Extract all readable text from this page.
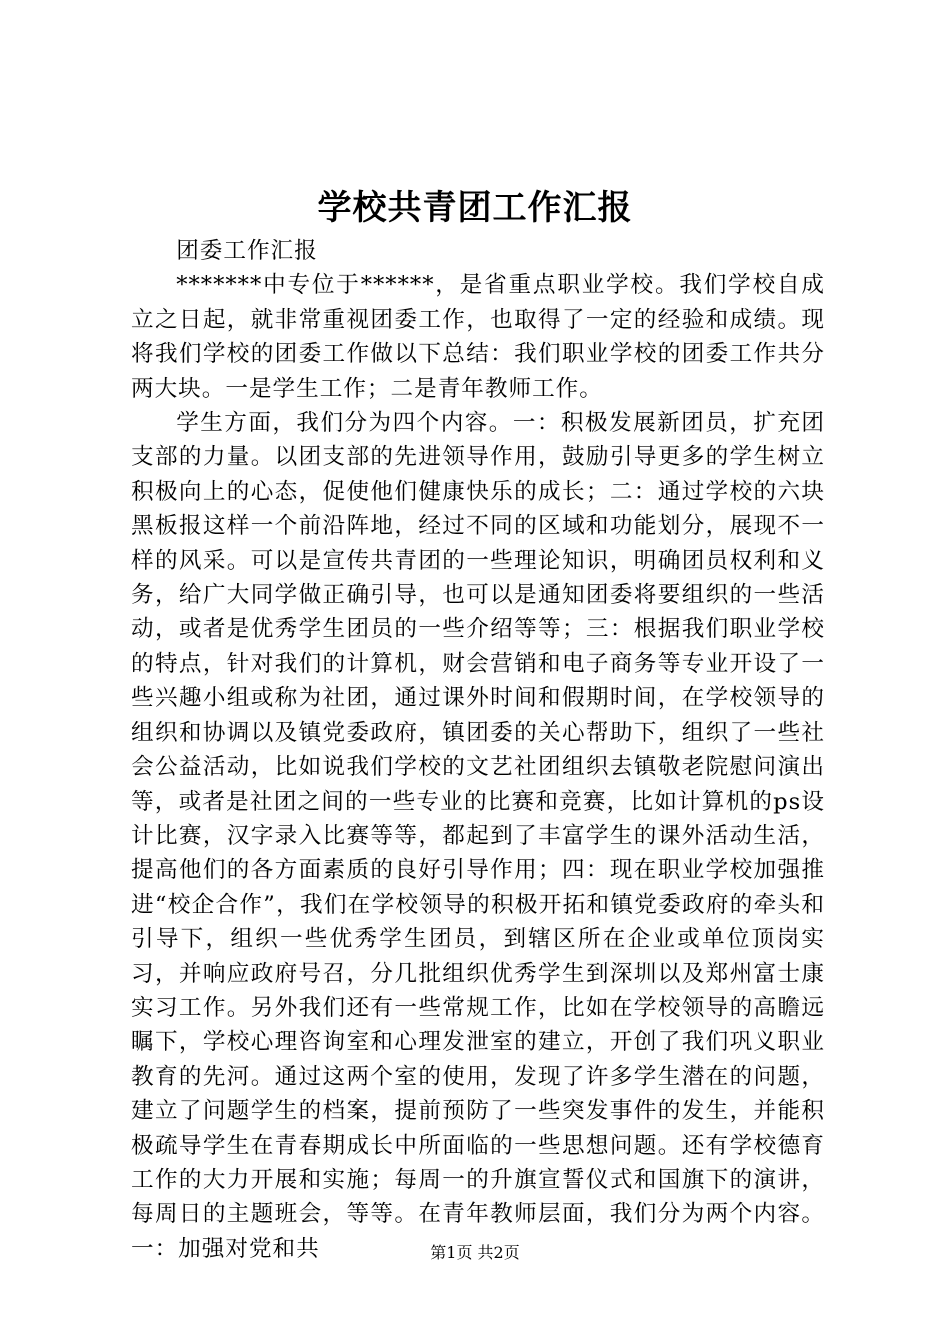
学校共青团工作汇报

团委工作汇报

*******中专位于******，是省重点职业学校。我们学校自成立之日起，就非常重视团委工作，也取得了一定的经验和成绩。现将我们学校的团委工作做以下总结：我们职业学校的团委工作共分两大块。一是学生工作；二是青年教师工作。

学生方面，我们分为四个内容。一：积极发展新团员，扩充团支部的力量。以团支部的先进领导作用，鼓励引导更多的学生树立积极向上的心态，促使他们健康快乐的成长；二：通过学校的六块黑板报这样一个前沿阵地，经过不同的区域和功能划分，展现不一样的风采。可以是宣传共青团的一些理论知识，明确团员权利和义务，给广大同学做正确引导，也可以是通知团委将要组织的一些活动，或者是优秀学生团员的一些介绍等等；三：根据我们职业学校的特点，针对我们的计算机，财会营销和电子商务等专业开设了一些兴趣小组或称为社团，通过课外时间和假期时间，在学校领导的组织和协调以及镇党委政府，镇团委的关心帮助下，组织了一些社会公益活动，比如说我们学校的文艺社团组织去镇敬老院慰问演出等，或者是社团之间的一些专业的比赛和竞赛，比如计算机的ps设计比赛，汉字录入比赛等等，都起到了丰富学生的课外活动生活，提高他们的各方面素质的良好引导作用；四：现在职业学校加强推进“校企合作”，我们在学校领导的积极开拓和镇党委政府的牵头和引导下，组织一些优秀学生团员，到辖区所在企业或单位顶岗实习，并响应政府号召，分几批组织优秀学生到深圳以及郑州富士康实习工作。另外我们还有一些常规工作，比如在学校领导的高瞻远瞩下，学校心理咨询室和心理发泄室的建立，开创了我们巩义职业教育的先河。通过这两个室的使用，发现了许多学生潜在的问题，建立了问题学生的档案，提前预防了一些突发事件的发生，并能积极疏导学生在青春期成长中所面临的一些思想问题。还有学校德育工作的大力开展和实施；每周一的升旗宣誓仪式和国旗下的演讲，每周日的主题班会，等等。在青年教师层面，我们分为两个内容。一：加强对党和共	第1页 共2页
